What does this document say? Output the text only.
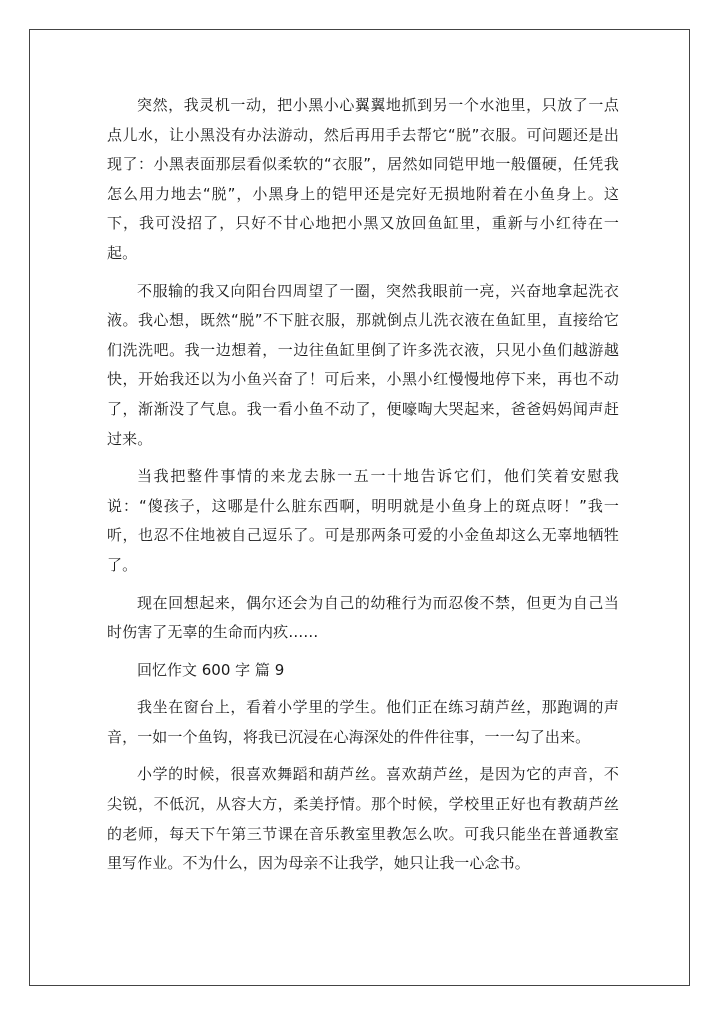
突然，我灵机一动，把小黑小心翼翼地抓到另一个水池里，只放了一点点儿水，让小黑没有办法游动，然后再用手去帮它“脱”衣服。可问题还是出现了：小黑表面那层看似柔软的“衣服”，居然如同铠甲地一般僵硬，任凭我怎么用力地去“脱”，小黑身上的铠甲还是完好无损地附着在小鱼身上。这下，我可没招了，只好不甘心地把小黑又放回鱼缸里，重新与小红待在一起。

不服输的我又向阳台四周望了一圈，突然我眼前一亮，兴奋地拿起洗衣液。我心想，既然“脱”不下脏衣服，那就倒点儿洗衣液在鱼缸里，直接给它们洗洗吧。我一边想着，一边往鱼缸里倒了许多洗衣液，只见小鱼们越游越快，开始我还以为小鱼兴奋了！可后来，小黑小红慢慢地停下来，再也不动了，渐渐没了气息。我一看小鱼不动了，便嚎啕大哭起来，爸爸妈妈闻声赶过来。

当我把整件事情的来龙去脉一五一十地告诉它们，他们笑着安慰我说：“傻孩子，这哪是什么脏东西啊，明明就是小鱼身上的斑点呀！”我一听，也忍不住地被自己逗乐了。可是那两条可爱的小金鱼却这么无辜地牺牲了。

现在回想起来，偶尔还会为自己的幼稚行为而忍俊不禁，但更为自己当时伤害了无辜的生命而内疚……

回忆作文 600 字 篇 9

我坐在窗台上，看着小学里的学生。他们正在练习葫芦丝，那跑调的声音，一如一个鱼钩，将我已沉浸在心海深处的件件往事，一一勾了出来。

小学的时候，很喜欢舞蹈和葫芦丝。喜欢葫芦丝，是因为它的声音，不尖锐，不低沉，从容大方，柔美抒情。那个时候，学校里正好也有教葫芦丝的老师，每天下午第三节课在音乐教室里教怎么吹。可我只能坐在普通教室里写作业。不为什么，因为母亲不让我学，她只让我一心念书。
